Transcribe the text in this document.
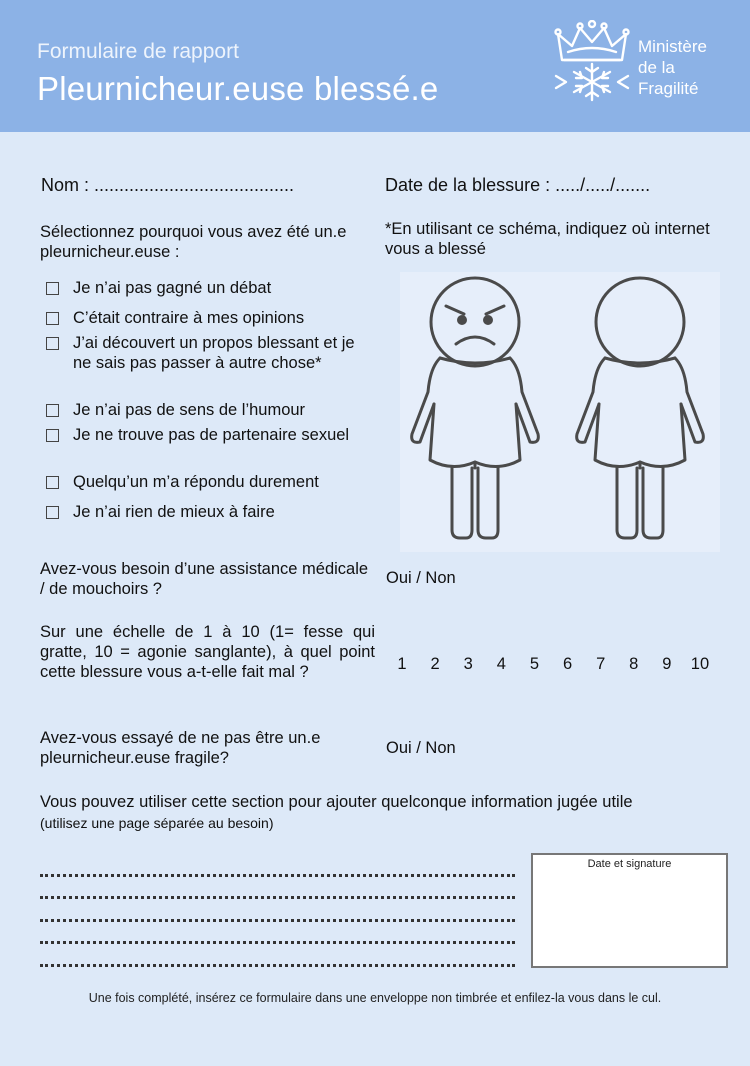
Formulaire de rapport
Pleurnicheur.euse blessé.e
Ministère
de la
Fragilité
Nom : ........................................	Date de la blessure : ...../...../.......
Sélectionnez pourquoi vous avez été un.e pleurnicheur.euse :
*En utilisant ce schéma, indiquez où internet vous a blessé
Je n’ai pas gagné un débat
C’était contraire à mes opinions
J’ai découvert un propos blessant et je ne sais pas passer à autre chose*
Je n’ai pas de sens de l’humour
Je ne trouve pas de partenaire sexuel
Quelqu’un m’a répondu durement
Je n’ai rien de mieux à faire
Avez-vous besoin d’une assistance médicale / de mouchoirs ?
Oui / Non
Sur une échelle de 1 à 10 (1= fesse qui gratte, 10 = agonie sanglante), à quel point cette blessure vous a-t-elle fait mal ?	1	2	3	4	5	6	7	8	9	10
Avez-vous essayé de ne pas être un.e pleurnicheur.euse fragile?
Oui / Non
Vous pouvez utiliser cette section pour ajouter quelconque information jugée utile
(utilisez une page séparée au besoin)
Date et signature
Une fois complété, insérez ce formulaire dans une enveloppe non timbrée et enfilez-la vous dans le cul.
